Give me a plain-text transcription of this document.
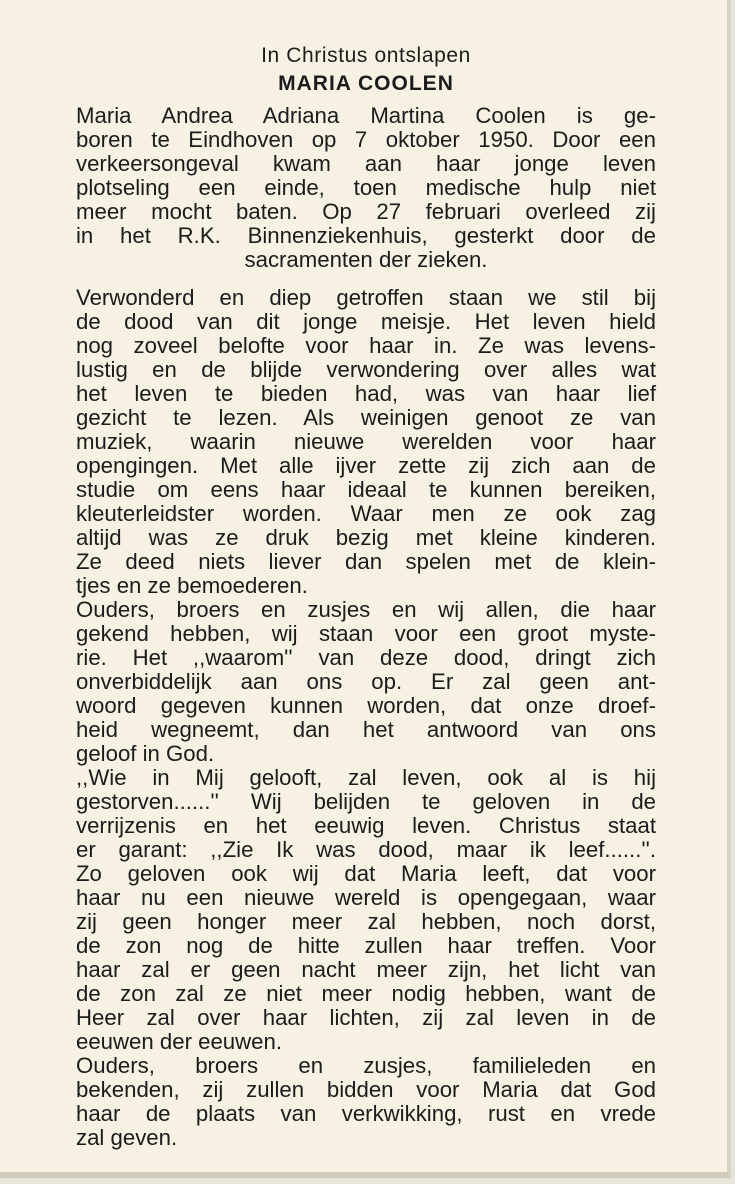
In Christus ontslapen
MARIA COOLEN
Maria Andrea Adriana Martina Coolen is ge-
boren te Eindhoven op 7 oktober 1950. Door een
verkeersongeval kwam aan haar jonge leven
plotseling een einde, toen medische hulp niet
meer mocht baten. Op 27 februari overleed zij
in het R.K. Binnenziekenhuis, gesterkt door de
sacramenten der zieken.
Verwonderd en diep getroffen staan we stil bij
de dood van dit jonge meisje. Het leven hield
nog zoveel belofte voor haar in. Ze was levens-
lustig en de blijde verwondering over alles wat
het leven te bieden had, was van haar lief
gezicht te lezen. Als weinigen genoot ze van
muziek, waarin nieuwe werelden voor haar
opengingen. Met alle ijver zette zij zich aan de
studie om eens haar ideaal te kunnen bereiken,
kleuterleidster worden. Waar men ze ook zag
altijd was ze druk bezig met kleine kinderen.
Ze deed niets liever dan spelen met de klein-
tjes en ze bemoederen.
Ouders, broers en zusjes en wij allen, die haar
gekend hebben, wij staan voor een groot myste-
rie. Het ,,waarom'' van deze dood, dringt zich
onverbiddelijk aan ons op. Er zal geen ant-
woord gegeven kunnen worden, dat onze droef-
heid wegneemt, dan het antwoord van ons
geloof in God.
,,Wie in Mij gelooft, zal leven, ook al is hij
gestorven......'' Wij belijden te geloven in de
verrijzenis en het eeuwig leven. Christus staat
er garant: ,,Zie Ik was dood, maar ik leef......''.
Zo geloven ook wij dat Maria leeft, dat voor
haar nu een nieuwe wereld is opengegaan, waar
zij geen honger meer zal hebben, noch dorst,
de zon nog de hitte zullen haar treffen. Voor
haar zal er geen nacht meer zijn, het licht van
de zon zal ze niet meer nodig hebben, want de
Heer zal over haar lichten, zij zal leven in de
eeuwen der eeuwen.
Ouders, broers en zusjes, familieleden en
bekenden, zij zullen bidden voor Maria dat God
haar de plaats van verkwikking, rust en vrede
zal geven.
